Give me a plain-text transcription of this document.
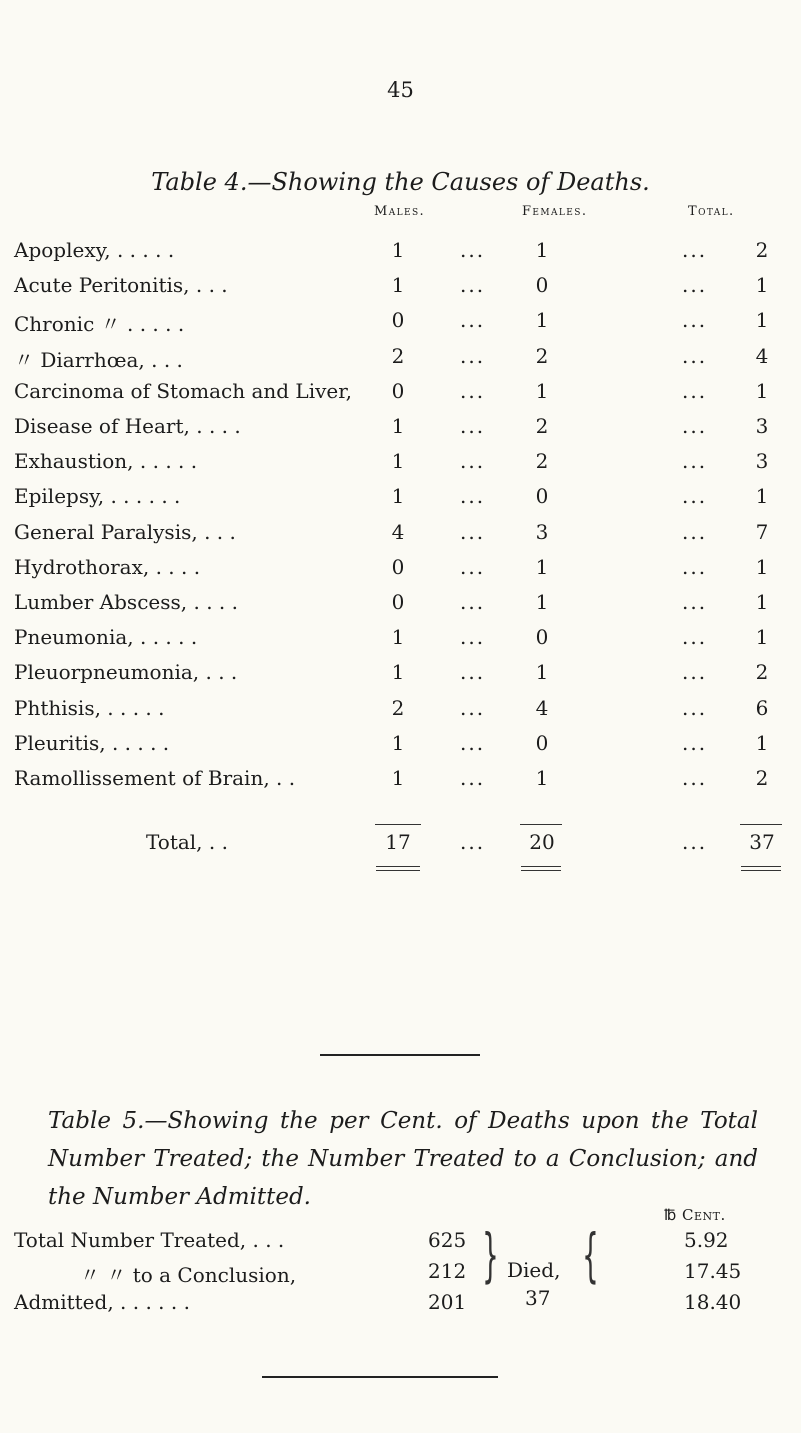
45
Table 4.—Showing the Causes of Deaths.
Males.	Females.	Total.
Apoplexy, . . . . .	1	...	1	...	2
Acute Peritonitis, . . .	1	...	0	...	1
Chronic 〃 . . . . .	0	...	1	...	1
〃 Diarrhœa, . . .	2	...	2	...	4
Carcinoma of Stomach and Liver,	0	...	1	...	1
Disease of Heart, . . . .	1	...	2	...	3
Exhaustion, . . . . .	1	...	2	...	3
Epilepsy, . . . . . .	1	...	0	...	1
General Paralysis, . . .	4	...	3	...	7
Hydrothorax, . . . .	0	...	1	...	1
Lumber Abscess, . . . .	0	...	1	...	1
Pneumonia, . . . . .	1	...	0	...	1
Pleuorpneumonia, . . .	1	...	1	...	2
Phthisis, . . . . .	2	...	4	...	6
Pleuritis, . . . . .	1	...	0	...	1
Ramollissement of Brain, . .	1	...	1	...	2
Total, . .	17	...	20	...	37
Table 5.—Showing the per Cent. of Deaths upon the Total Number Treated; the Number Treated to a Conclusion; and the Number Admitted.
℔ Cent.
Total Number Treated, . . .	625	5.92
〃 〃 to a Conclusion,	212	17.45
Admitted, . . . . . .	201	18.40
} Died,
37
{
